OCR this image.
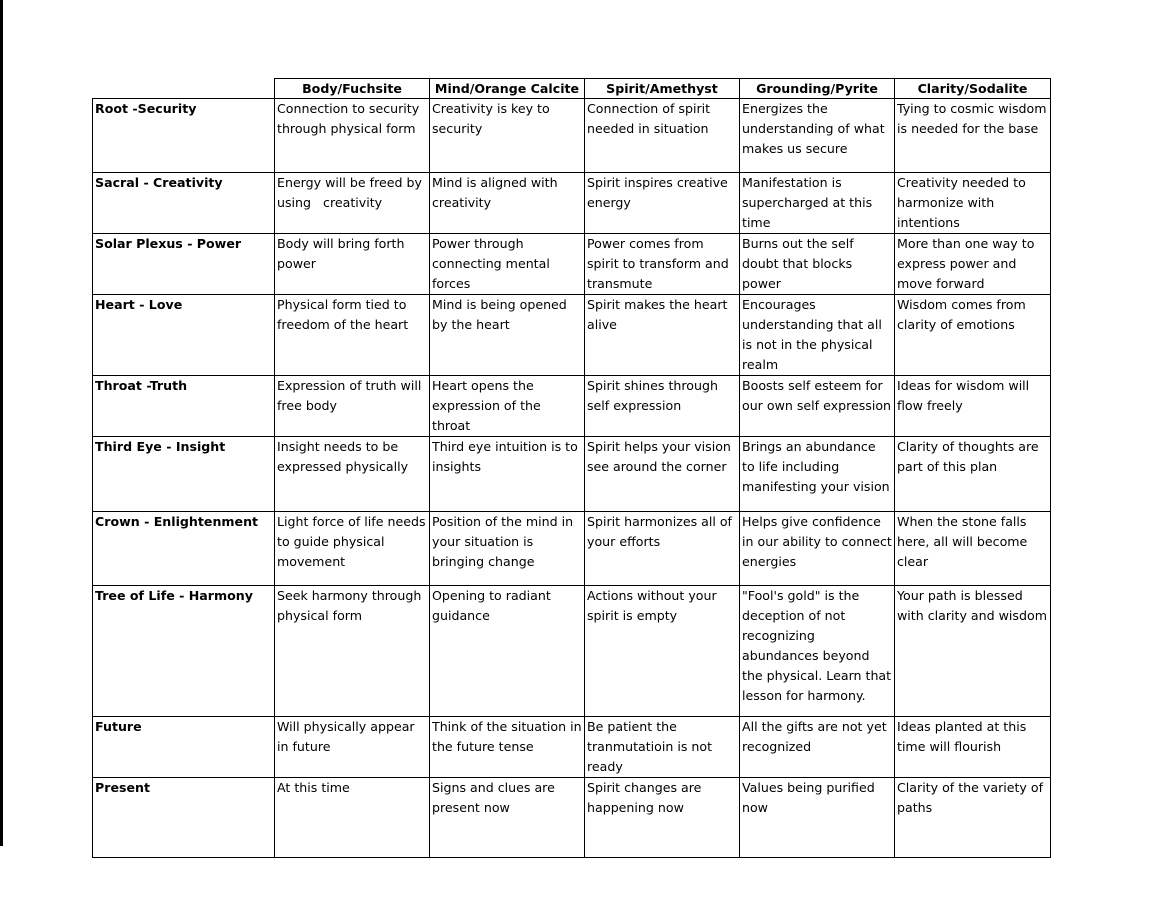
	Body/Fuchsite	Mind/Orange Calcite	Spirit/Amethyst	Grounding/Pyrite	Clarity/Sodalite
Root -Security	Connection to security through physical form	Creativity is key to security	Connection of spirit needed in situation	Energizes the understanding of what makes us secure	Tying to cosmic wisdom is needed for the base

Sacral - Creativity	Energy will be freed by using   creativity	Mind is aligned with creativity	Spirit inspires creative energy	Manifestation is supercharged at this time	Creativity needed to harmonize with intentions

Solar Plexus - Power	Body will bring forth power	Power through connecting mental forces	Power comes from spirit to transform and transmute	Burns out the self doubt that blocks power	More than one way to express power and move forward

Heart - Love	Physical form tied to freedom of the heart	Mind is being opened by the heart	Spirit makes the heart alive	Encourages understanding that all is not in the physical realm	Wisdom comes from clarity of emotions

Throat -Truth	Expression of truth will free body	Heart opens the expression of the throat	Spirit shines through self expression	Boosts self esteem for our own self expression	Ideas for wisdom will flow freely

Third Eye - Insight	Insight needs to be expressed physically	Third eye intuition is to insights	Spirit helps your vision see around the corner	Brings an abundance to life including manifesting your vision	Clarity of thoughts are part of this plan

Crown - Enlightenment	Light force of life needs to guide physical movement	Position of the mind in your situation is bringing change	Spirit harmonizes all of your efforts	Helps give confidence in our ability to connect energies	When the stone falls here, all will become clear

Tree of Life - Harmony	Seek harmony through physical form	Opening to radiant guidance	Actions without your spirit is empty	"Fool's gold" is the deception of not recognizing abundances beyond the physical. Learn that lesson for harmony.	Your path is blessed with clarity and wisdom

Future	Will physically appear in future	Think of the situation in the future tense	Be patient the tranmutatioin is not ready	All the gifts are not yet recognized	Ideas planted at this time will flourish

Present	At this time	Signs and clues are present now	Spirit changes are happening now	Values being purified now	Clarity of the variety of paths
